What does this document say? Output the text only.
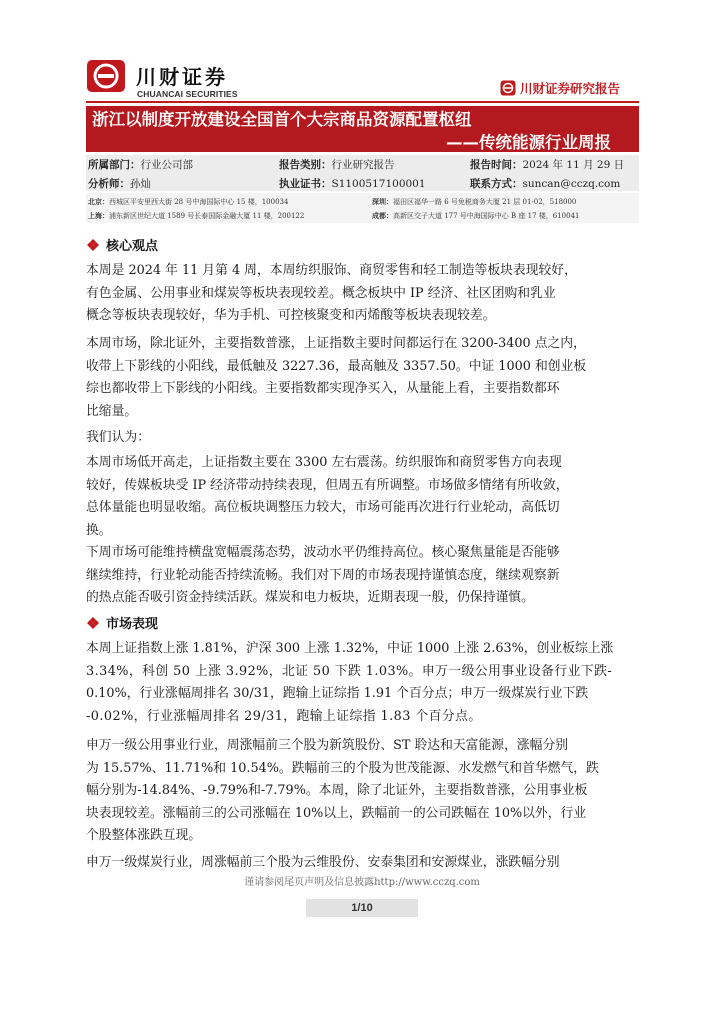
川财证券
CHUANCAI SECURITIES	川财证券研究报告
浙江以制度开放建设全国首个大宗商品资源配置枢纽
——传统能源行业周报
所属部门：行业公司部	报告类别：行业研究报告	报告时间：2024 年 11 月 29 日
分析师：孙灿	执业证书：S1100517100001	联系方式：suncan@cczq.com
北京：西城区平安里西大街 28 号中海国际中心 15 楼，100034	深圳：福田区福华一路 6 号免税商务大厦 21 层 01-02，518000
上海：浦东新区世纪大道 1589 号长泰国际金融大厦 11 楼，200122	成都：高新区交子大道 177 号中海国际中心 B 座 17 楼，610041
核心观点
本周是 2024 年 11 月第 4 周，本周纺织服饰、商贸零售和轻工制造等板块表现较好，
有色金属、公用事业和煤炭等板块表现较差。概念板块中 IP 经济、社区团购和乳业
概念等板块表现较好，华为手机、可控核聚变和丙烯酸等板块表现较差。
本周市场，除北证外，主要指数普涨，上证指数主要时间都运行在 3200-3400 点之内，
收带上下影线的小阳线，最低触及 3227.36，最高触及 3357.50。中证 1000 和创业板
综也都收带上下影线的小阳线。主要指数都实现净买入，从量能上看，主要指数都环
比缩量。
我们认为：
本周市场低开高走，上证指数主要在 3300 左右震荡。纺织服饰和商贸零售方向表现
较好，传媒板块受 IP 经济带动持续表现，但周五有所调整。市场做多情绪有所收敛，
总体量能也明显收缩。高位板块调整压力较大，市场可能再次进行行业轮动，高低切
换。
下周市场可能维持横盘宽幅震荡态势，波动水平仍维持高位。核心聚焦量能是否能够
继续维持，行业轮动能否持续流畅。我们对下周的市场表现持谨慎态度，继续观察新
的热点能否吸引资金持续活跃。煤炭和电力板块，近期表现一般，仍保持谨慎。
市场表现
本周上证指数上涨 1.81%，沪深 300 上涨 1.32%，中证 1000 上涨 2.63%，创业板综上涨
3.34%，科创 50 上涨 3.92%，北证 50 下跌 1.03%。申万一级公用事业设备行业下跌-
0.10%，行业涨幅周排名 30/31，跑输上证综指 1.91 个百分点；申万一级煤炭行业下跌
-0.02%，行业涨幅周排名 29/31，跑输上证综指 1.83 个百分点。
申万一级公用事业行业，周涨幅前三个股为新筑股份、ST 聆达和天富能源，涨幅分别
为 15.57%、11.71%和 10.54%。跌幅前三的个股为世茂能源、水发燃气和首华燃气，跌
幅分别为-14.84%、-9.79%和-7.79%。本周，除了北证外，主要指数普涨，公用事业板
块表现较差。涨幅前三的公司涨幅在 10%以上，跌幅前一的公司跌幅在 10%以外，行业
个股整体涨跌互现。
申万一级煤炭行业，周涨幅前三个股为云维股份、安泰集团和安源煤业，涨跌幅分别
谨请参阅尾页声明及信息披露http://www.cczq.com
1/10
